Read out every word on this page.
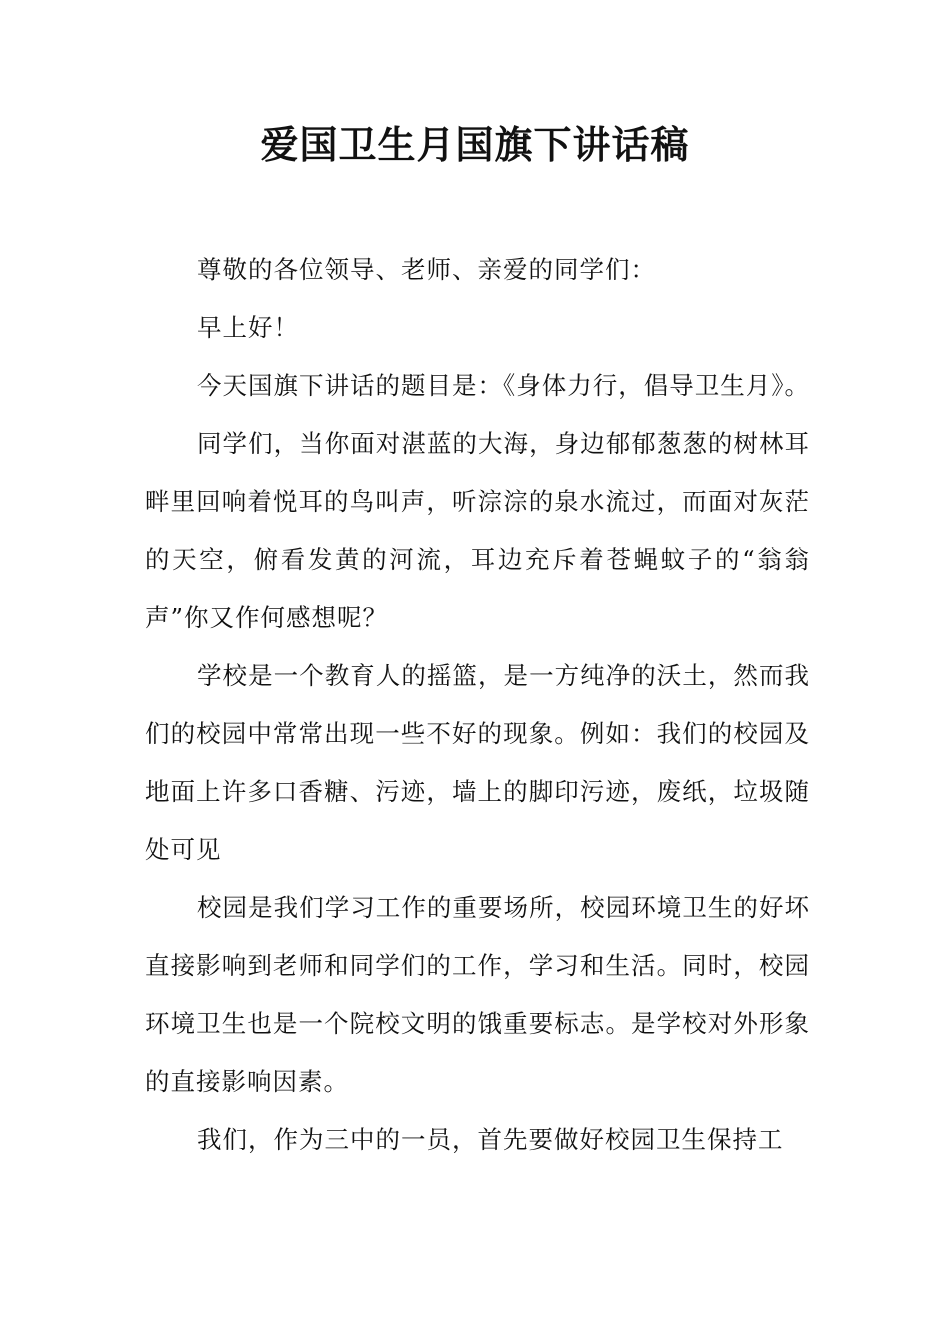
爱国卫生月国旗下讲话稿

尊敬的各位领导、老师、亲爱的同学们：

早上好！

今天国旗下讲话的题目是：《身体力行，倡导卫生月》。

同学们，当你面对湛蓝的大海，身边郁郁葱葱的树林耳畔里回响着悦耳的鸟叫声，听淙淙的泉水流过，而面对灰茫的天空，俯看发黄的河流，耳边充斥着苍蝇蚊子的“翁翁声”你又作何感想呢？

学校是一个教育人的摇篮，是一方纯净的沃土，然而我们的校园中常常出现一些不好的现象。例如：我们的校园及地面上许多口香糖、污迹，墙上的脚印污迹，废纸，垃圾随处可见

校园是我们学习工作的重要场所，校园环境卫生的好坏直接影响到老师和同学们的工作，学习和生活。同时，校园环境卫生也是一个院校文明的饿重要标志。是学校对外形象的直接影响因素。

我们，作为三中的一员，首先要做好校园卫生保持工
